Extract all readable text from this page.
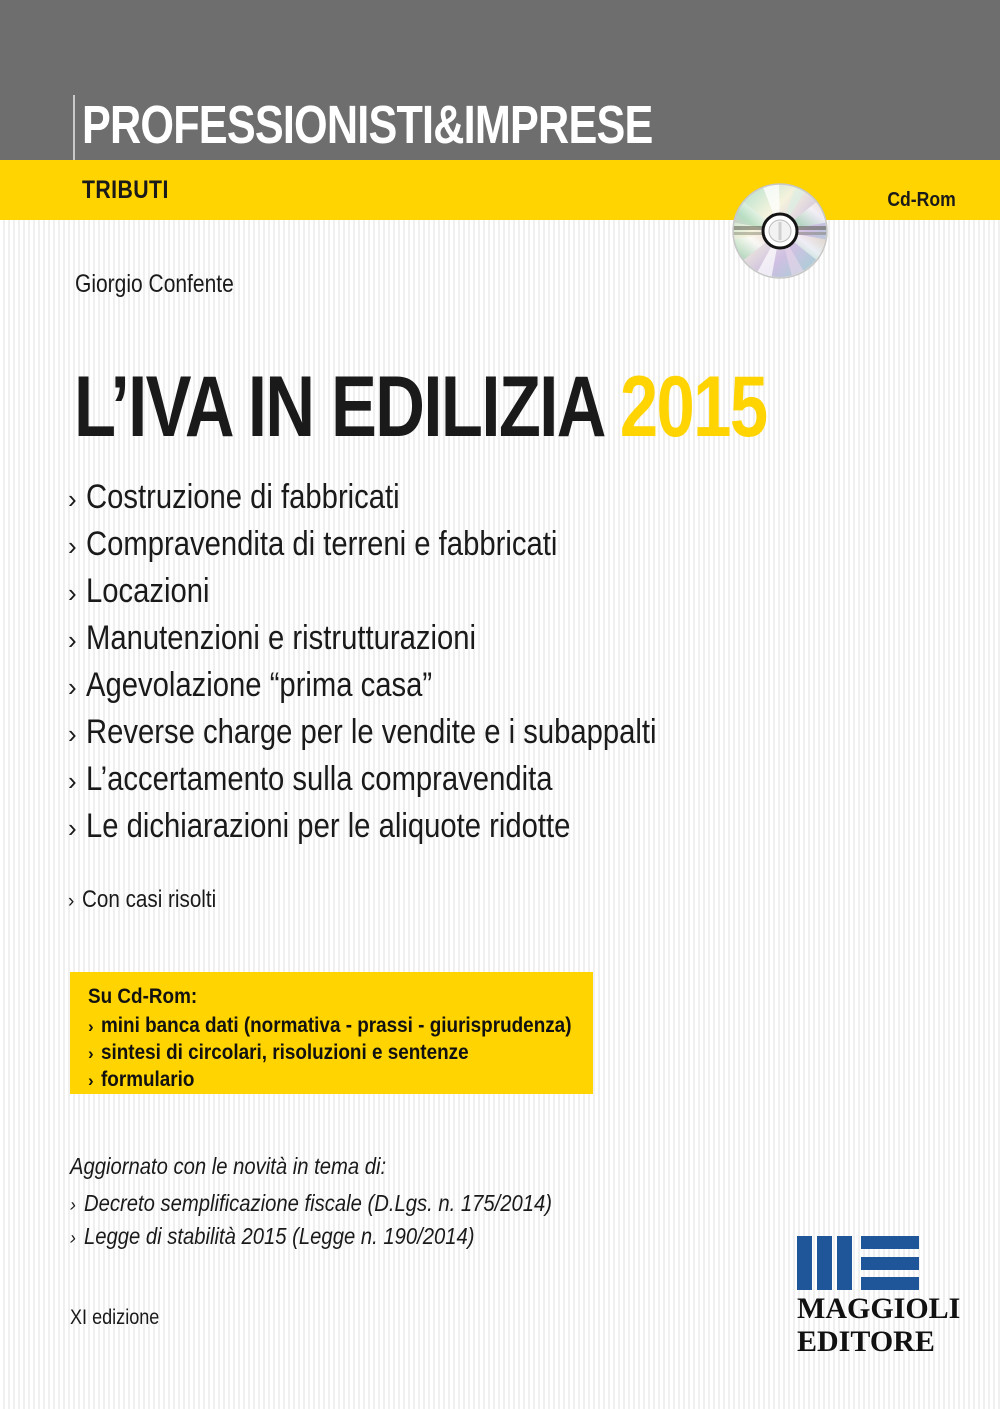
PROFESSIONISTI&IMPRESE
TRIBUTI	Cd-Rom
Giorgio Confente
L’IVA IN EDILIZIA 2015
› Costruzione di fabbricati
› Compravendita di terreni e fabbricati
› Locazioni
› Manutenzioni e ristrutturazioni
› Agevolazione “prima casa”
› Reverse charge per le vendite e i subappalti
› L’accertamento sulla compravendita
› Le dichiarazioni per le aliquote ridotte
› Con casi risolti
Su Cd-Rom:
› mini banca dati (normativa - prassi - giurisprudenza)
› sintesi di circolari, risoluzioni e sentenze
› formulario
Aggiornato con le novità in tema di:
› Decreto semplificazione fiscale (D.Lgs. n. 175/2014)
› Legge di stabilità 2015 (Legge n. 190/2014)
XI edizione	MAGGIOLI
EDITORE
